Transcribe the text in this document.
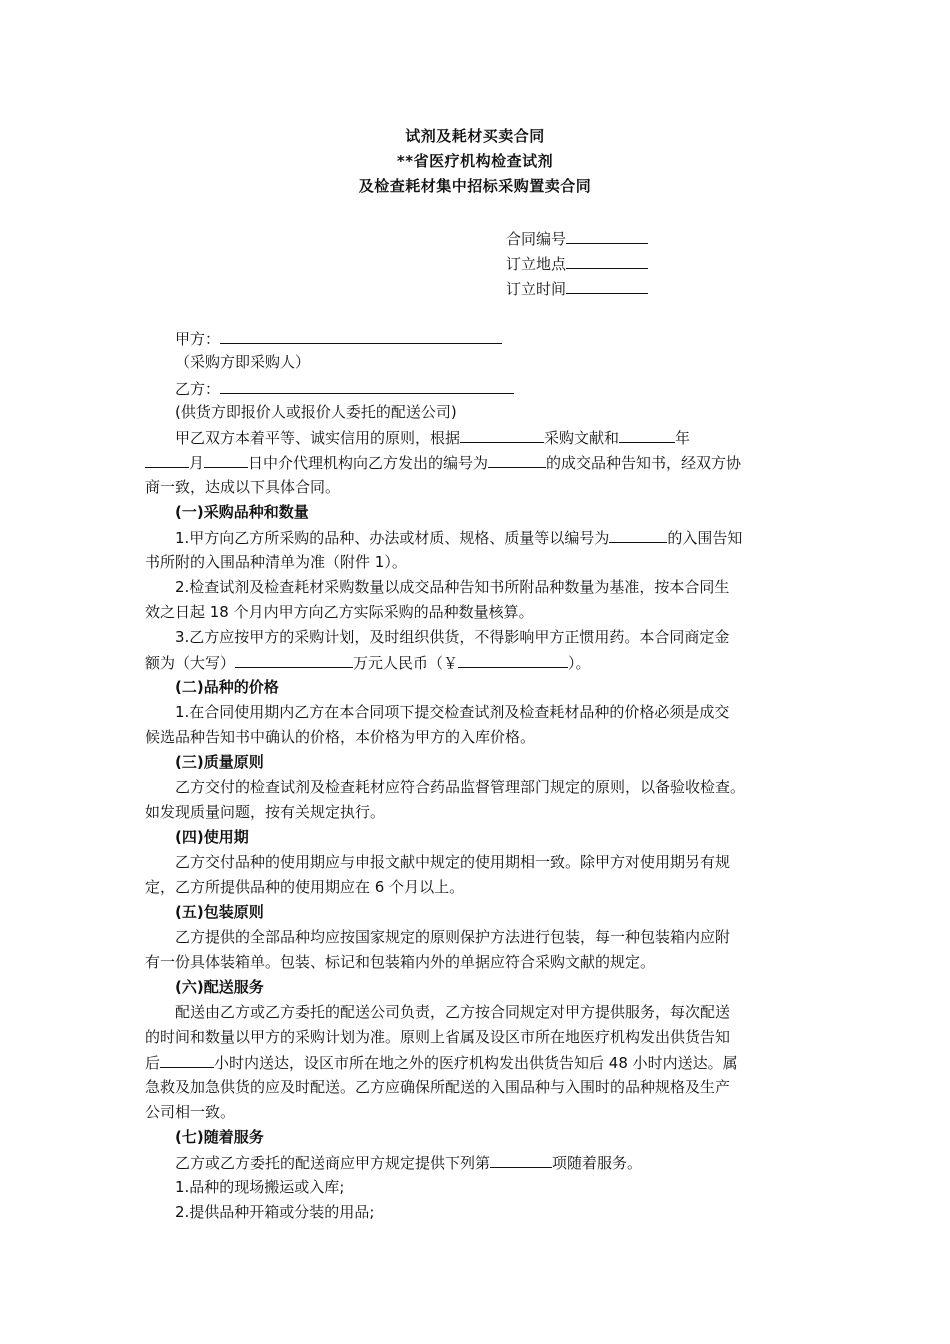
试剂及耗材买卖合同
**省医疗机构检查试剂
及检查耗材集中招标采购置卖合同
合同编号
订立地点
订立时间
甲方：
（采购方即采购人）
乙方：
(供货方即报价人或报价人委托的配送公司)
甲乙双方本着平等、诚实信用的原则，根据	采购文献和	年
月	日中介代理机构向乙方发出的编号为	的成交品种告知书，经双方协
商一致，达成以下具体合同。
(一)采购品种和数量
1.甲方向乙方所采购的品种、办法或材质、规格、质量等以编号为	的入围告知
书所附的入围品种清单为准（附件 1）。
2.检查试剂及检查耗材采购数量以成交品种告知书所附品种数量为基准，按本合同生
效之日起 18 个月内甲方向乙方实际采购的品种数量核算。
3.乙方应按甲方的采购计划，及时组织供货，不得影响甲方正惯用药。本合同商定金
额为（大写）	万元人民币（￥	）。
(二)品种的价格
1.在合同使用期内乙方在本合同项下提交检查试剂及检查耗材品种的价格必须是成交
候选品种告知书中确认的价格，本价格为甲方的入库价格。
(三)质量原则
乙方交付的检查试剂及检查耗材应符合药品监督管理部门规定的原则，以备验收检查。
如发现质量问题，按有关规定执行。
(四)使用期
乙方交付品种的使用期应与申报文献中规定的使用期相一致。除甲方对使用期另有规
定，乙方所提供品种的使用期应在 6 个月以上。
(五)包装原则
乙方提供的全部品种均应按国家规定的原则保护方法进行包装，每一种包装箱内应附
有一份具体装箱单。包装、标记和包装箱内外的单据应符合采购文献的规定。
(六)配送服务
配送由乙方或乙方委托的配送公司负责，乙方按合同规定对甲方提供服务，每次配送
的时间和数量以甲方的采购计划为准。原则上省属及设区市所在地医疗机构发出供货告知
后	小时内送达，设区市所在地之外的医疗机构发出供货告知后 48 小时内送达。属
急救及加急供货的应及时配送。乙方应确保所配送的入围品种与入围时的品种规格及生产
公司相一致。
(七)随着服务
乙方或乙方委托的配送商应甲方规定提供下列第	项随着服务。
1.品种的现场搬运或入库;
2.提供品种开箱或分装的用品;
